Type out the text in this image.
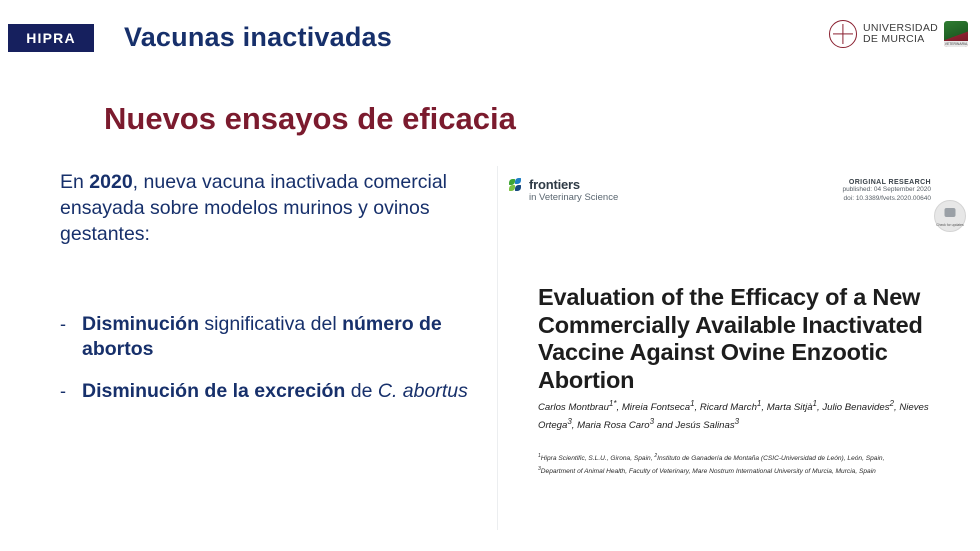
HIPRA Vacunas inactivadas	UNIVERSIDAD
DE MURCIA	VETERINARIA
Nuevos ensayos de eficacia
En 2020, nueva vacuna inactivada comercial ensayada sobre modelos murinos y ovinos gestantes:
- Disminución significativa del número de abortos
- Disminución de la excreción de C. abortus
frontiers
in Veterinary Science
ORIGINAL RESEARCH
published: 04 September 2020
doi: 10.3389/fvets.2020.00640
Check for updates
Evaluation of the Efficacy of a New Commercially Available Inactivated Vaccine Against Ovine Enzootic Abortion
Carlos Montbrau$^{1*}$, Mireia Fontseca$^1$, Ricard March$^1$, Marta Sitjà$^1$, Julio Benavides$^2$, Nieves Ortega$^3$, Maria Rosa Caro$^3$ and Jesús Salinas$^3$
$^1$Hipra Scientific, S.L.U., Girona, Spain, $^2$Instituto de Ganadería de Montaña (CSIC-Universidad de León), León, Spain,
$^3$Department of Animal Health, Faculty of Veterinary, Mare Nostrum International University of Murcia, Murcia, Spain
